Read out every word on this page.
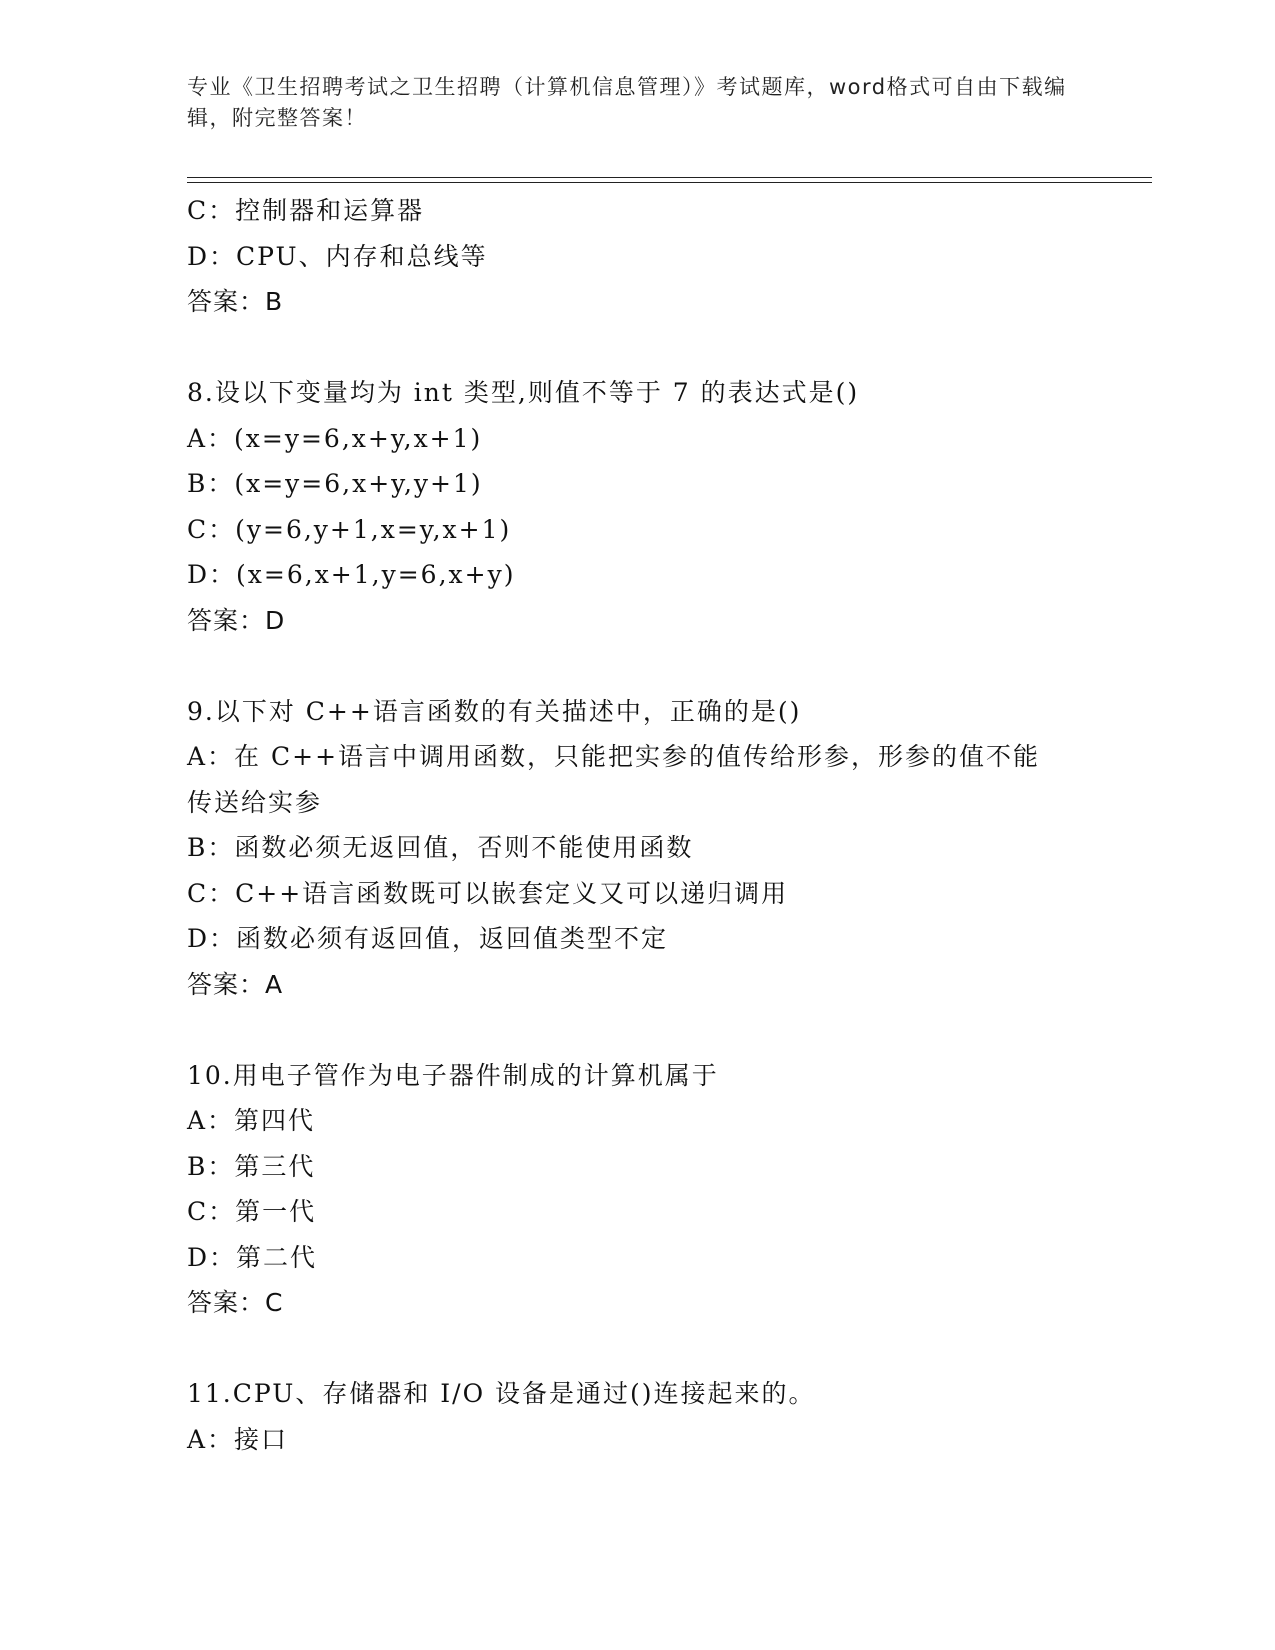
专业《卫生招聘考试之卫生招聘（计算机信息管理）》考试题库，word格式可自由下载编辑，附完整答案！
C：控制器和运算器
D：CPU、内存和总线等
答案：B
8.设以下变量均为 int 类型,则值不等于 7 的表达式是()
A：(x=y=6,x+y,x+1)
B：(x=y=6,x+y,y+1)
C：(y=6,y+1,x=y,x+1)
D：(x=6,x+1,y=6,x+y)
答案：D
9.以下对 C++语言函数的有关描述中，正确的是()
A：在 C++语言中调用函数，只能把实参的值传给形参，形参的值不能传送给实参
B：函数必须无返回值，否则不能使用函数
C：C++语言函数既可以嵌套定义又可以递归调用
D：函数必须有返回值，返回值类型不定
答案：A
10.用电子管作为电子器件制成的计算机属于
A：第四代
B：第三代
C：第一代
D：第二代
答案：C
11.CPU、存储器和 I/O 设备是通过()连接起来的。
A：接口
